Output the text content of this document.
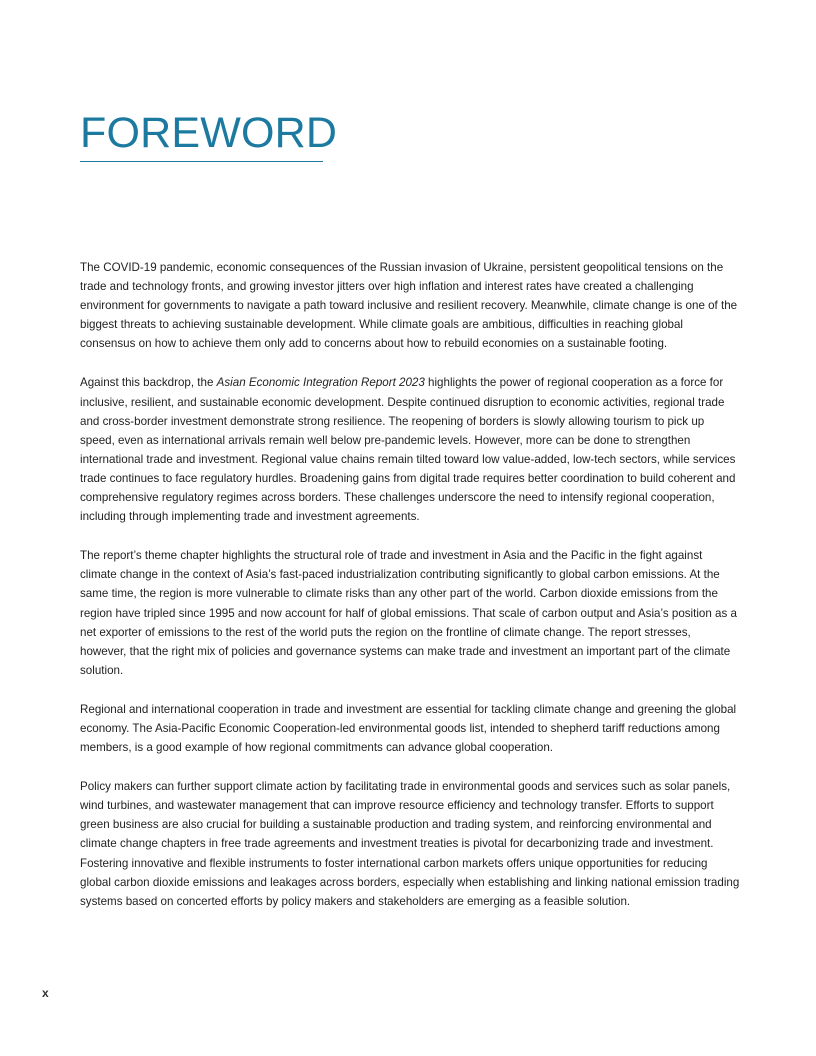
FOREWORD

The COVID-19 pandemic, economic consequences of the Russian invasion of Ukraine, persistent geopolitical tensions on the trade and technology fronts, and growing investor jitters over high inflation and interest rates have created a challenging environment for governments to navigate a path toward inclusive and resilient recovery. Meanwhile, climate change is one of the biggest threats to achieving sustainable development. While climate goals are ambitious, difficulties in reaching global consensus on how to achieve them only add to concerns about how to rebuild economies on a sustainable footing.

Against this backdrop, the Asian Economic Integration Report 2023 highlights the power of regional cooperation as a force for inclusive, resilient, and sustainable economic development. Despite continued disruption to economic activities, regional trade and cross-border investment demonstrate strong resilience. The reopening of borders is slowly allowing tourism to pick up speed, even as international arrivals remain well below pre-pandemic levels. However, more can be done to strengthen international trade and investment. Regional value chains remain tilted toward low value-added, low-tech sectors, while services trade continues to face regulatory hurdles. Broadening gains from digital trade requires better coordination to build coherent and comprehensive regulatory regimes across borders. These challenges underscore the need to intensify regional cooperation, including through implementing trade and investment agreements.

The report’s theme chapter highlights the structural role of trade and investment in Asia and the Pacific in the fight against climate change in the context of Asia’s fast-paced industrialization contributing significantly to global carbon emissions. At the same time, the region is more vulnerable to climate risks than any other part of the world. Carbon dioxide emissions from the region have tripled since 1995 and now account for half of global emissions. That scale of carbon output and Asia’s position as a net exporter of emissions to the rest of the world puts the region on the frontline of climate change. The report stresses, however, that the right mix of policies and governance systems can make trade and investment an important part of the climate solution.

Regional and international cooperation in trade and investment are essential for tackling climate change and greening the global economy. The Asia-Pacific Economic Cooperation-led environmental goods list, intended to shepherd tariff reductions among members, is a good example of how regional commitments can advance global cooperation.

Policy makers can further support climate action by facilitating trade in environmental goods and services such as solar panels, wind turbines, and wastewater management that can improve resource efficiency and technology transfer. Efforts to support green business are also crucial for building a sustainable production and trading system, and reinforcing environmental and climate change chapters in free trade agreements and investment treaties is pivotal for decarbonizing trade and investment. Fostering innovative and flexible instruments to foster international carbon markets offers unique opportunities for reducing global carbon dioxide emissions and leakages across borders, especially when establishing and linking national emission trading systems based on concerted efforts by policy makers and stakeholders are emerging as a feasible solution.

x
